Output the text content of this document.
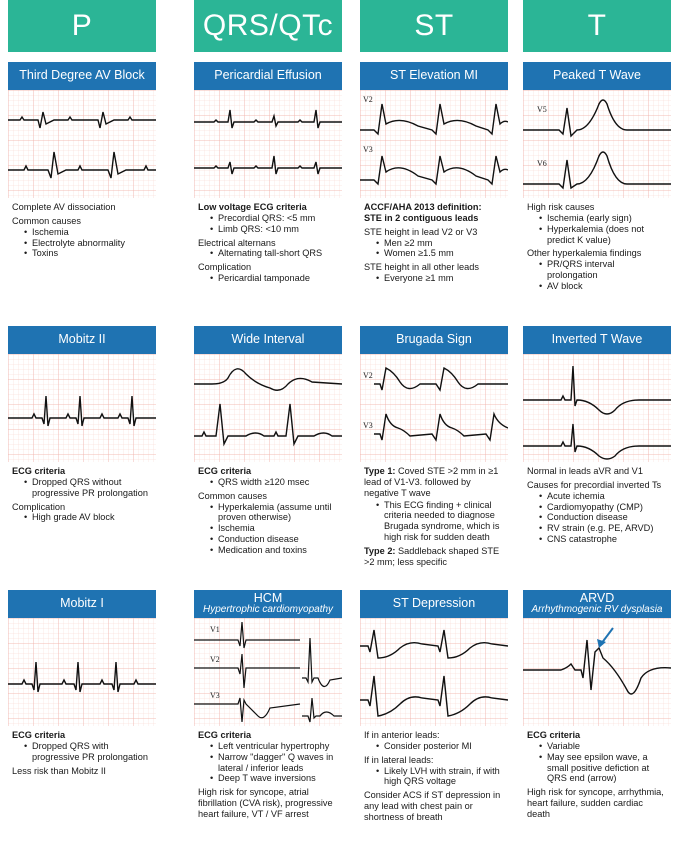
P	QRS/QTc	ST	T
Third Degree AV Block

Complete AV dissociation

Common causes

• Ischemia
• Electrolyte abnormality
• Toxins
Pericardial Effusion

Low voltage ECG criteria

• Precordial QRS: <5 mm
• Limb QRS: <10 mm

Electrical alternans

• Alternating tall-short QRS

Complication

• Pericardial tamponade
ST Elevation MI
V2
V3

ACCF/AHA 2013 definition:

STE in 2 contiguous leads

STE height in lead V2 or V3

• Men ≥2 mm
• Women ≥1.5 mm

STE height in all other leads

• Everyone ≥1 mm
Peaked T Wave
V5
V6

High risk causes

• Ischemia (early sign)
• Hyperkalemia (does not predict K value)

Other hyperkalemia findings

• PR/QRS interval prolongation
• AV block
Mobitz II

ECG criteria

• Dropped QRS without progressive PR prolongation

Complication

• High grade AV block
Wide Interval

ECG criteria

• QRS width ≥120 msec

Common causes

• Hyperkalemia (assume until proven otherwise)
• Ischemia
• Conduction disease
• Medication and toxins
Brugada Sign
V2
V3

Type 1: Coved STE >2 mm in ≥1 lead of V1-V3. followed by negative T wave

• This ECG finding + clinical criteria needed to diagnose Brugada syndrome, which is high risk for sudden death

Type 2: Saddleback shaped STE >2 mm; less specific

Inverted T Wave

Normal in leads aVR and V1

Causes for precordial inverted Ts

• Acute ichemia
• Cardiomyopathy (CMP)
• Conduction disease
• RV strain (e.g. PE, ARVD)
• CNS catastrophe
Mobitz I

ECG criteria

• Dropped QRS with progressive PR prolongation

Less risk than Mobitz II

HCM
Hypertrophic cardiomyopathy
V1
V2
V3

ECG criteria

• Left ventricular hypertrophy
• Narrow "dagger" Q waves in lateral / inferior leads
• Deep T wave inversions

High risk for syncope, atrial fibrillation (CVA risk), progressive heart failure, VT / VF arrest

ST Depression

If in anterior leads:

• Consider posterior MI

If in lateral leads:

• Likely LVH with strain, if with high QRS voltage

Consider ACS if ST depression in any lead with chest pain or shortness of breath

ARVD
Arrhythmogenic RV dysplasia

ECG criteria

• Variable
• May see epsilon wave, a small positive defiction at QRS end (arrow)

High risk for syncope, arrhythmia, heart failure, sudden cardiac death
